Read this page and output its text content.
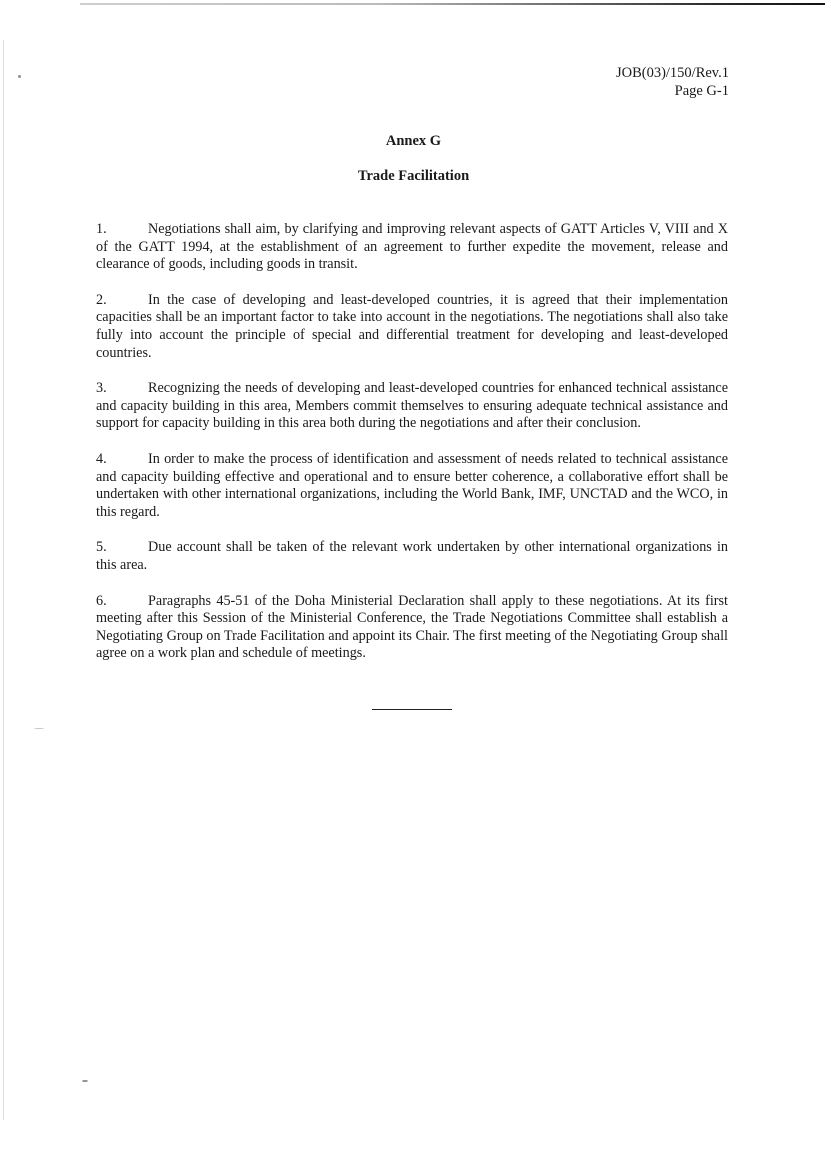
JOB(03)/150/Rev.1
Page G-1
Annex G
Trade Facilitation

1.	Negotiations shall aim, by clarifying and improving relevant aspects of GATT Articles V, VIII and X of the GATT 1994, at the establishment of an agreement to further expedite the movement, release and clearance of goods, including goods in transit.

2.	In the case of developing and least-developed countries, it is agreed that their implementation capacities shall be an important factor to take into account in the negotiations. The negotiations shall also take fully into account the principle of special and differential treatment for developing and least-developed countries.

3.	Recognizing the needs of developing and least-developed countries for enhanced technical assistance and capacity building in this area, Members commit themselves to ensuring adequate technical assistance and support for capacity building in this area both during the negotiations and after their conclusion.

4.	In order to make the process of identification and assessment of needs related to technical assistance and capacity building effective and operational and to ensure better coherence, a collaborative effort shall be undertaken with other international organizations, including the World Bank, IMF, UNCTAD and the WCO, in this regard.

5.	Due account shall be taken of the relevant work undertaken by other international organizations in this area.

6.	Paragraphs 45-51 of the Doha Ministerial Declaration shall apply to these negotiations. At its first meeting after this Session of the Ministerial Conference, the Trade Negotiations Committee shall establish a Negotiating Group on Trade Facilitation and appoint its Chair. The first meeting of the Negotiating Group shall agree on a work plan and schedule of meetings.
